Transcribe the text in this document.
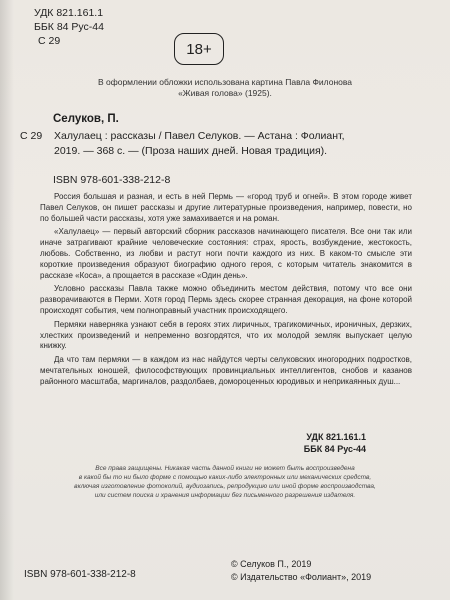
УДК 821.161.1
ББК 84 Рус-44
С 29	18+
В оформлении обложки использована картина Павла Филонова
«Живая голова» (1925).
Селуков, П.
С 29 Халулаец : рассказы / Павел Селуков. — Астана : Фолиант,
2019. — 368 с. — (Проза наших дней. Новая традиция).
ISBN 978-601-338-212-8

Россия большая и разная, и есть в ней Пермь — «город труб и огней». В этом городе живет Павел Селуков, он пишет рассказы и другие литературные произведения, например, повести, но по большей части рассказы, хотя уже замахивается и на роман.

«Халулаец» — первый авторский сборник рассказов начинающего писателя. Все они так или иначе затрагивают крайние человеческие состояния: страх, ярость, возбуждение, жестокость, любовь. Собственно, из любви и растут ноги почти каждого из них. В каком-то смысле эти короткие произведения образуют биографию одного героя, с которым читатель знакомится в рассказе «Коса», а прощается в рассказе «Один день».

Условно рассказы Павла также можно объединить местом действия, потому что все они разворачиваются в Перми. Хотя город Пермь здесь скорее странная декорация, на фоне которой происходят события, чем полноправный участник происходящего.

Пермяки наверняка узнают себя в героях этих лиричных, трагикомичных, ироничных, дерзких, хлестких произведений и непременно возгордятся, что их молодой земляк выпускает целую книжку.

Да что там пермяки — в каждом из нас найдутся черты селуковских иногородних подростков, мечтательных юношей, философствующих провинциальных интеллигентов, снобов и казанов районного масштаба, маргиналов, раздолбаев, домороценных юродивых и неприкаянных душ...

УДК 821.161.1
ББК 84 Рус-44
Все права защищены. Никакая часть данной книги не может быть воспроизведена
в какой бы то ни было форме с помощью каких-либо электронных или механических средств,
включая изготовление фотокопий, аудиозапись, репродукцию или иной форме воспроизводства,
или систем поиска и хранения информации без письменного разрешения издателя.
ISBN 978-601-338-212-8
© Селуков П., 2019
© Издательство «Фолиант», 2019
